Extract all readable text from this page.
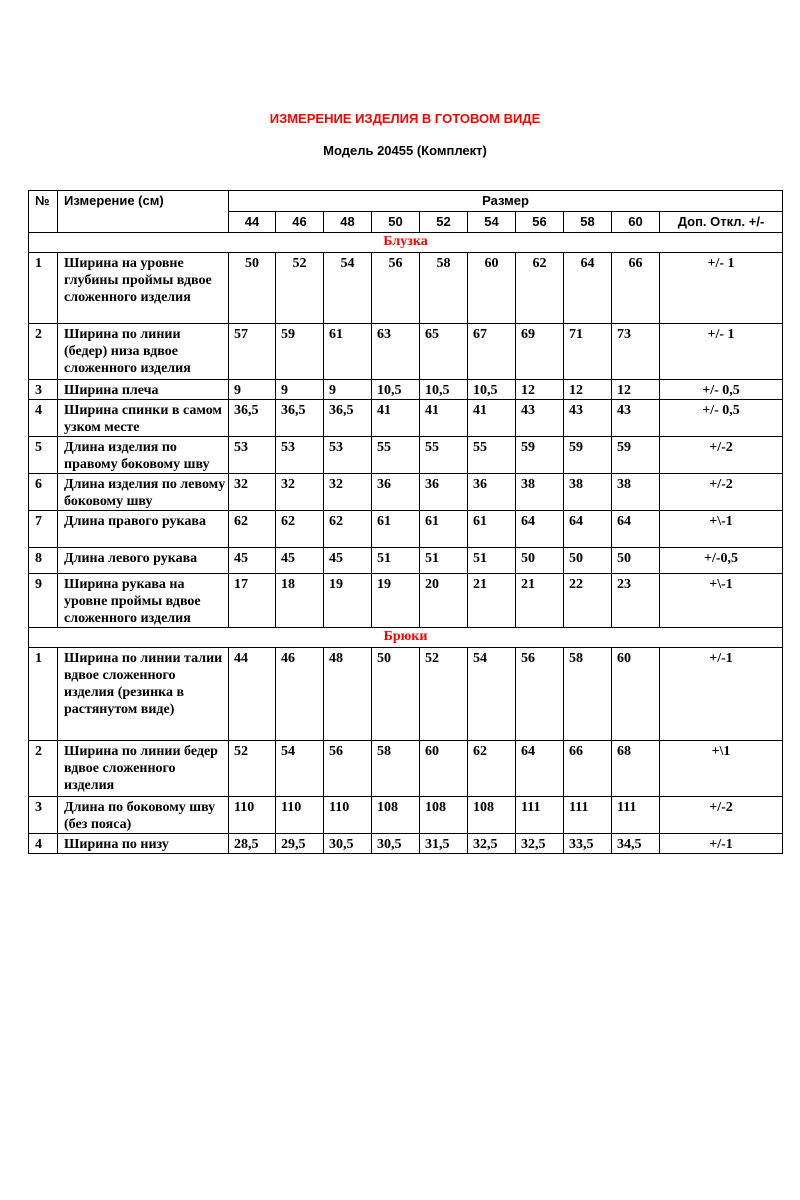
ИЗМЕРЕНИЕ ИЗДЕЛИЯ В ГОТОВОМ ВИДЕ
Модель 20455 (Комплект)
№	Измерение (см)	Размер									
		44	46	48	50	52	54	56	58	60	Доп. Откл. +/-
Блузка											
1	Ширина на уровне глубины проймы вдвое сложенного изделия	50	52	54	56	58	60	62	64	66	+/- 1
2	Ширина по линии (бедер) низа вдвое сложенного изделия	57	59	61	63	65	67	69	71	73	+/- 1
3	Ширина плеча	9	9	9	10,5	10,5	10,5	12	12	12	+/- 0,5
4	Ширина спинки в самом узком месте	36,5	36,5	36,5	41	41	41	43	43	43	+/- 0,5
5	Длина изделия по правому боковому шву	53	53	53	55	55	55	59	59	59	+/-2
6	Длина изделия по левому боковому шву	32	32	32	36	36	36	38	38	38	+/-2
7	Длина правого рукава	62	62	62	61	61	61	64	64	64	+\-1
8	Длина левого рукава	45	45	45	51	51	51	50	50	50	+/-0,5
9	Ширина рукава на уровне проймы вдвое сложенного изделия	17	18	19	19	20	21	21	22	23	+\-1
Брюки											
1	Ширина по линии талии вдвое сложенного изделия (резинка в растянутом виде)	44	46	48	50	52	54	56	58	60	+/-1
2	Ширина по линии бедер вдвое сложенного изделия	52	54	56	58	60	62	64	66	68	+\1
3	Длина по боковому шву (без пояса)	110	110	110	108	108	108	111	111	111	+/-2
4	Ширина по низу	28,5	29,5	30,5	30,5	31,5	32,5	32,5	33,5	34,5	+/-1
